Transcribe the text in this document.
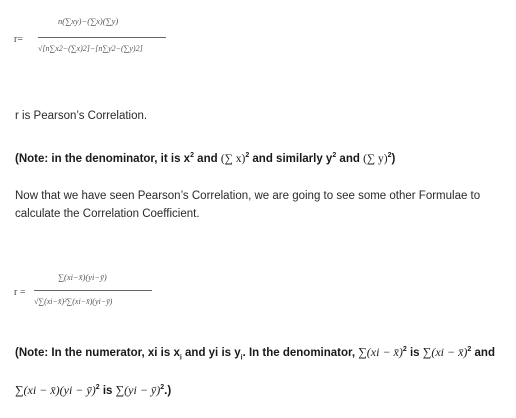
n(∑xy)−(∑x)(∑y)
r=
√[n∑x2−(∑x)2]−[n∑y2−(∑y)2]
r is Pearson’s Correlation.
(Note: in the denominator, it is $x^2$ and (∑ x)$^2$ and similarly $y^2$ and (∑ y)$^2$)
Now that we have seen Pearson’s Correlation, we are going to see some other Formulae to
calculate the Correlation Coefficient.
∑(xi−x̄)(yi−ȳ)
r =
√∑(xi−x̄)²∑(xi−x̄)(yi−ȳ)
(Note: In the numerator, xi is $x_i$ and yi is $y_i$. In the denominator, ∑(xi − x̄)$^2$ is ∑(xi − x̄)$^2$ and
∑(xi − x̄)(yi − ȳ)$^2$ is ∑(yi − ȳ)$^2$.)
